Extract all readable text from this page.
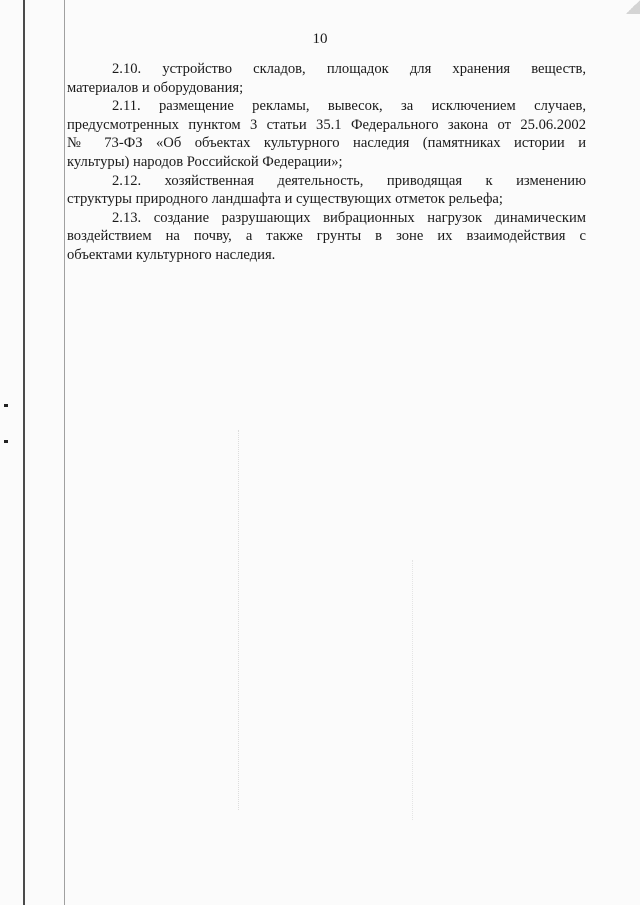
10

2.10. устройство складов, площадок для хранения веществ,
материалов и оборудования;

2.11. размещение рекламы, вывесок, за исключением случаев,
предусмотренных пунктом 3 статьи 35.1 Федерального закона от 25.06.2002
№ 73-ФЗ «Об объектах культурного наследия (памятниках истории и
культуры) народов Российской Федерации»;

2.12. хозяйственная деятельность, приводящая к изменению
структуры природного ландшафта и существующих отметок рельефа;

2.13. создание разрушающих вибрационных нагрузок динамическим
воздействием на почву, а также грунты в зоне их взаимодействия с
объектами культурного наследия.
